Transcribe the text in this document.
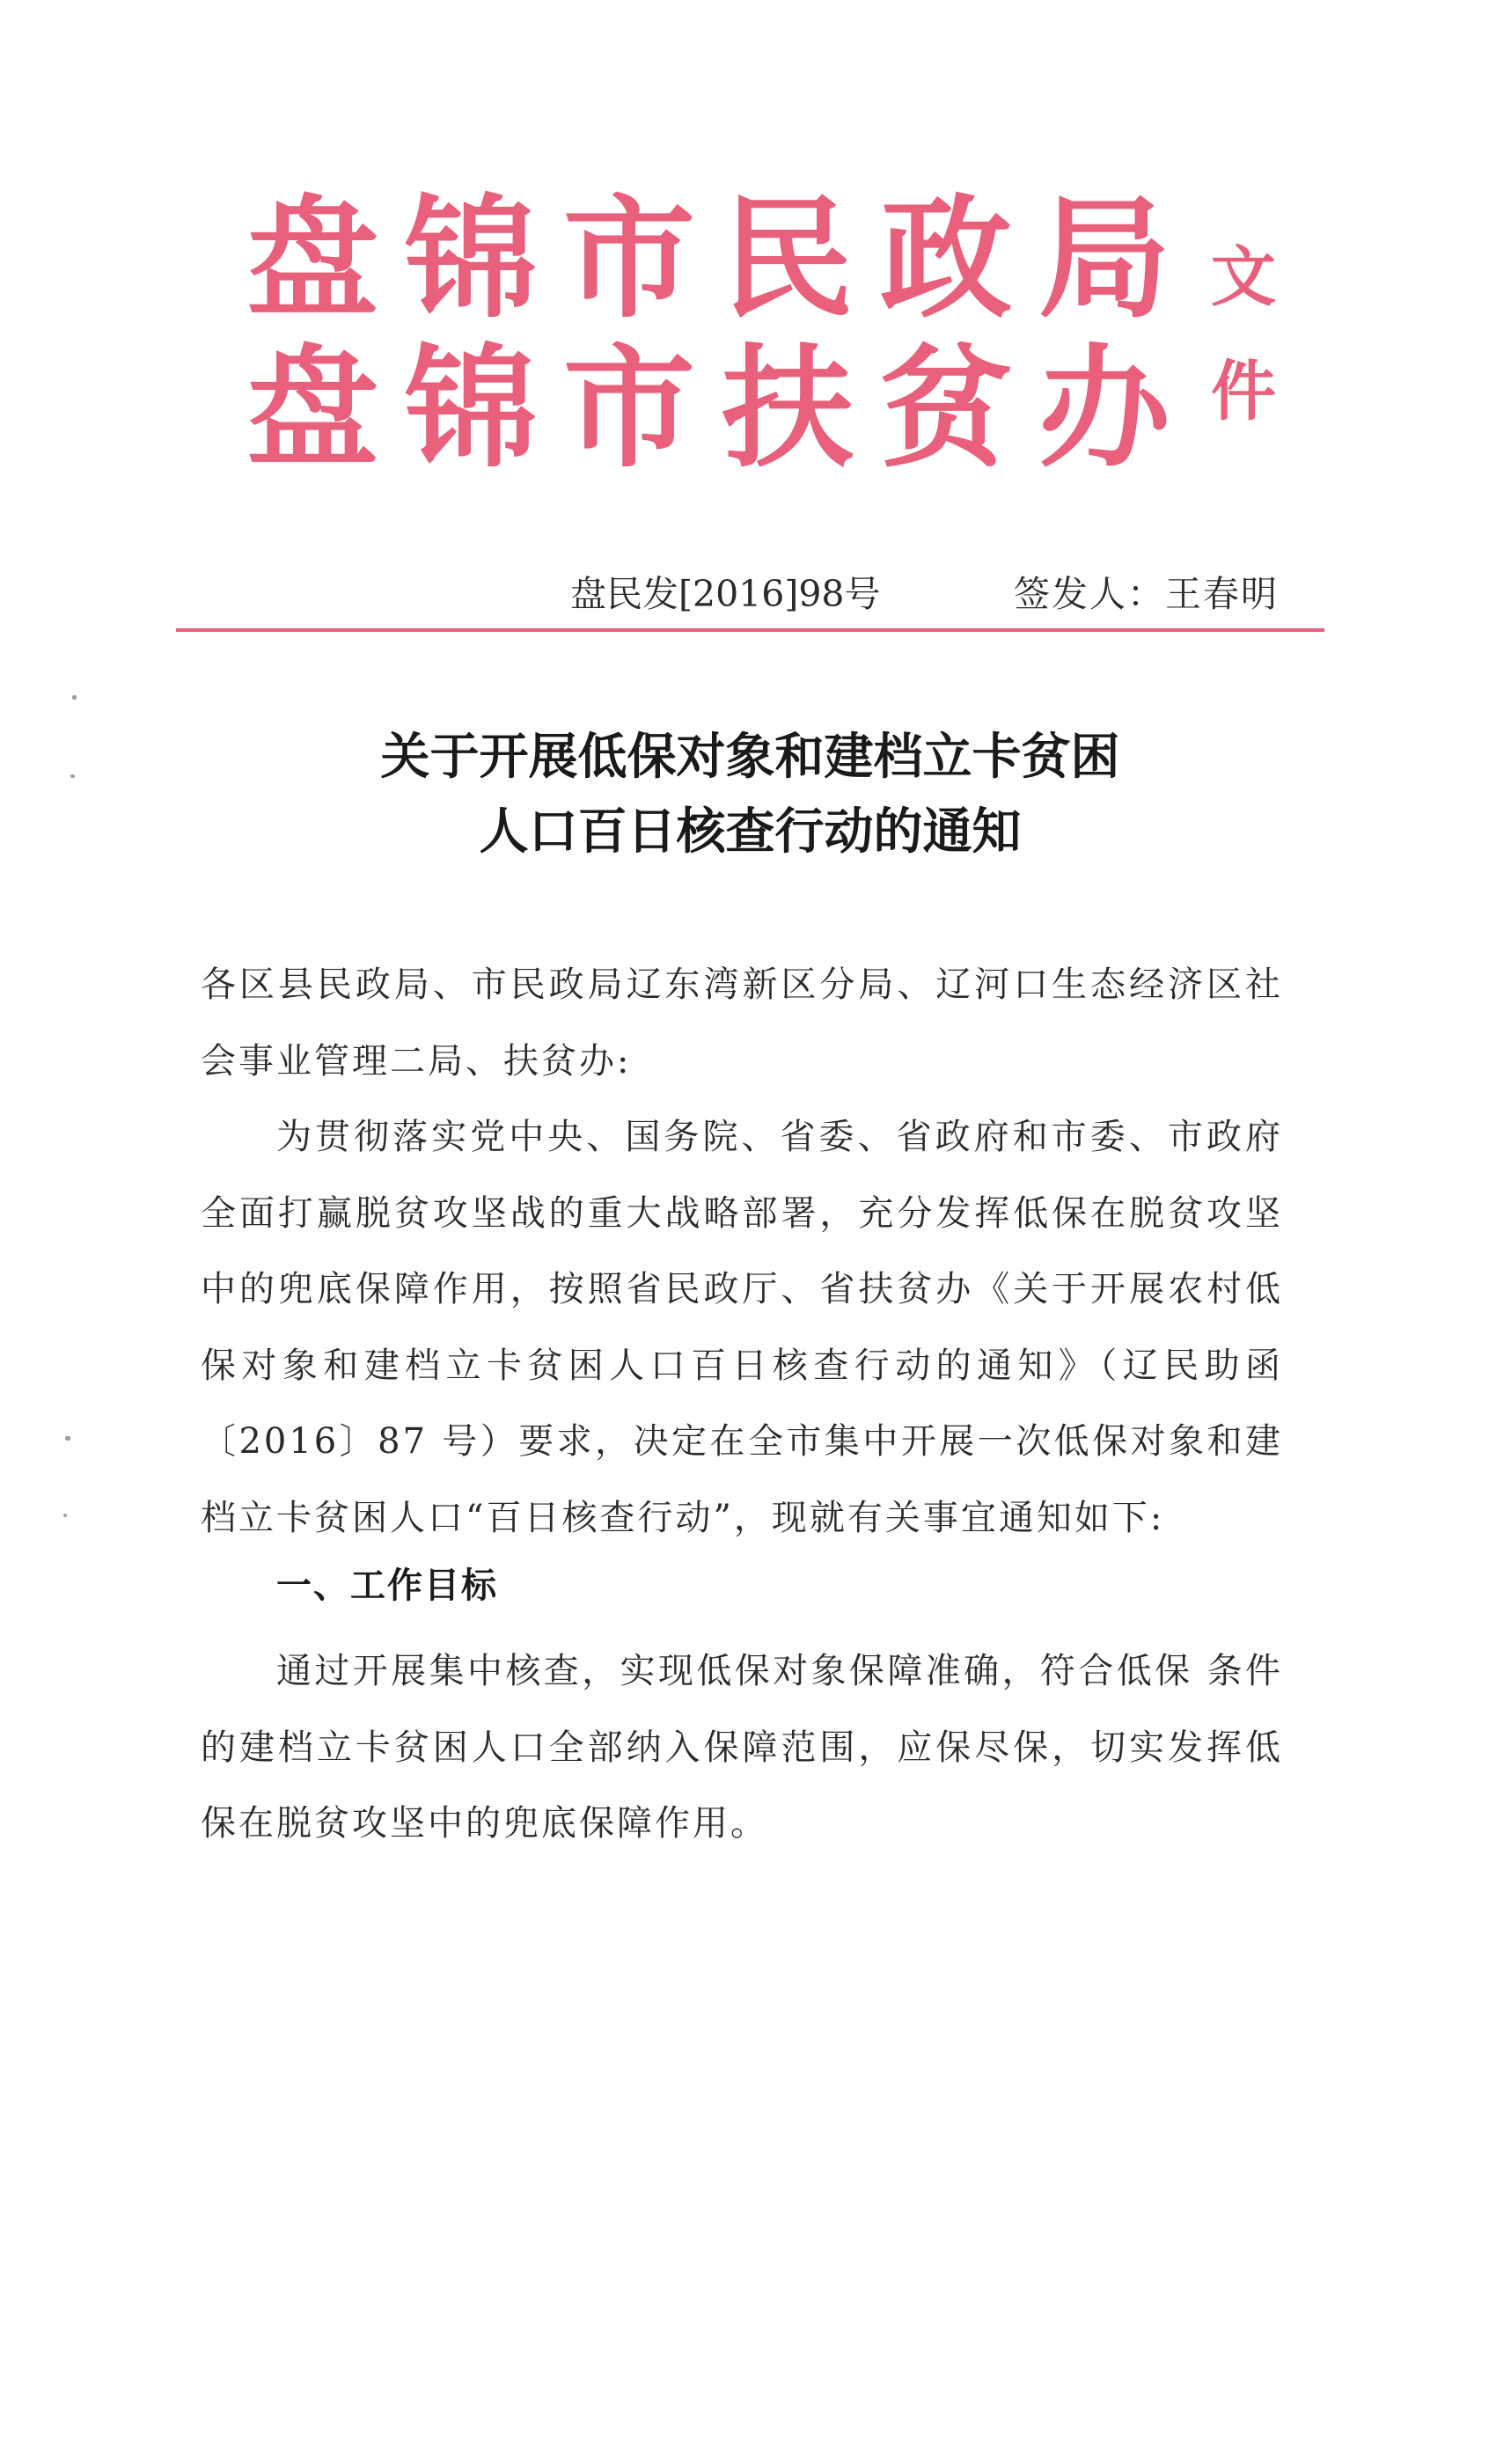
盘锦市民政局
盘锦市扶贫办
文
件
盘民发[2016]98号	签发人：王春明
关于开展低保对象和建档立卡贫困
人口百日核查行动的通知
各区县民政局、市民政局辽东湾新区分局、辽河口生态经济区社会事业管理二局、扶贫办:
为贯彻落实党中央、国务院、省委、省政府和市委、市政府全面打赢脱贫攻坚战的重大战略部署，充分发挥低保在脱贫攻坚中的兜底保障作用，按照省民政厅、省扶贫办《关于开展农村低保对象和建档立卡贫困人口百日核查行动的通知》（辽民助函〔2016〕87 号）要求，决定在全市集中开展一次低保对象和建档立卡贫困人口“百日核查行动”，现就有关事宜通知如下:
一、工作目标
通过开展集中核查，实现低保对象保障准确，符合低保 条件的建档立卡贫困人口全部纳入保障范围，应保尽保，切实发挥低保在脱贫攻坚中的兜底保障作用。
